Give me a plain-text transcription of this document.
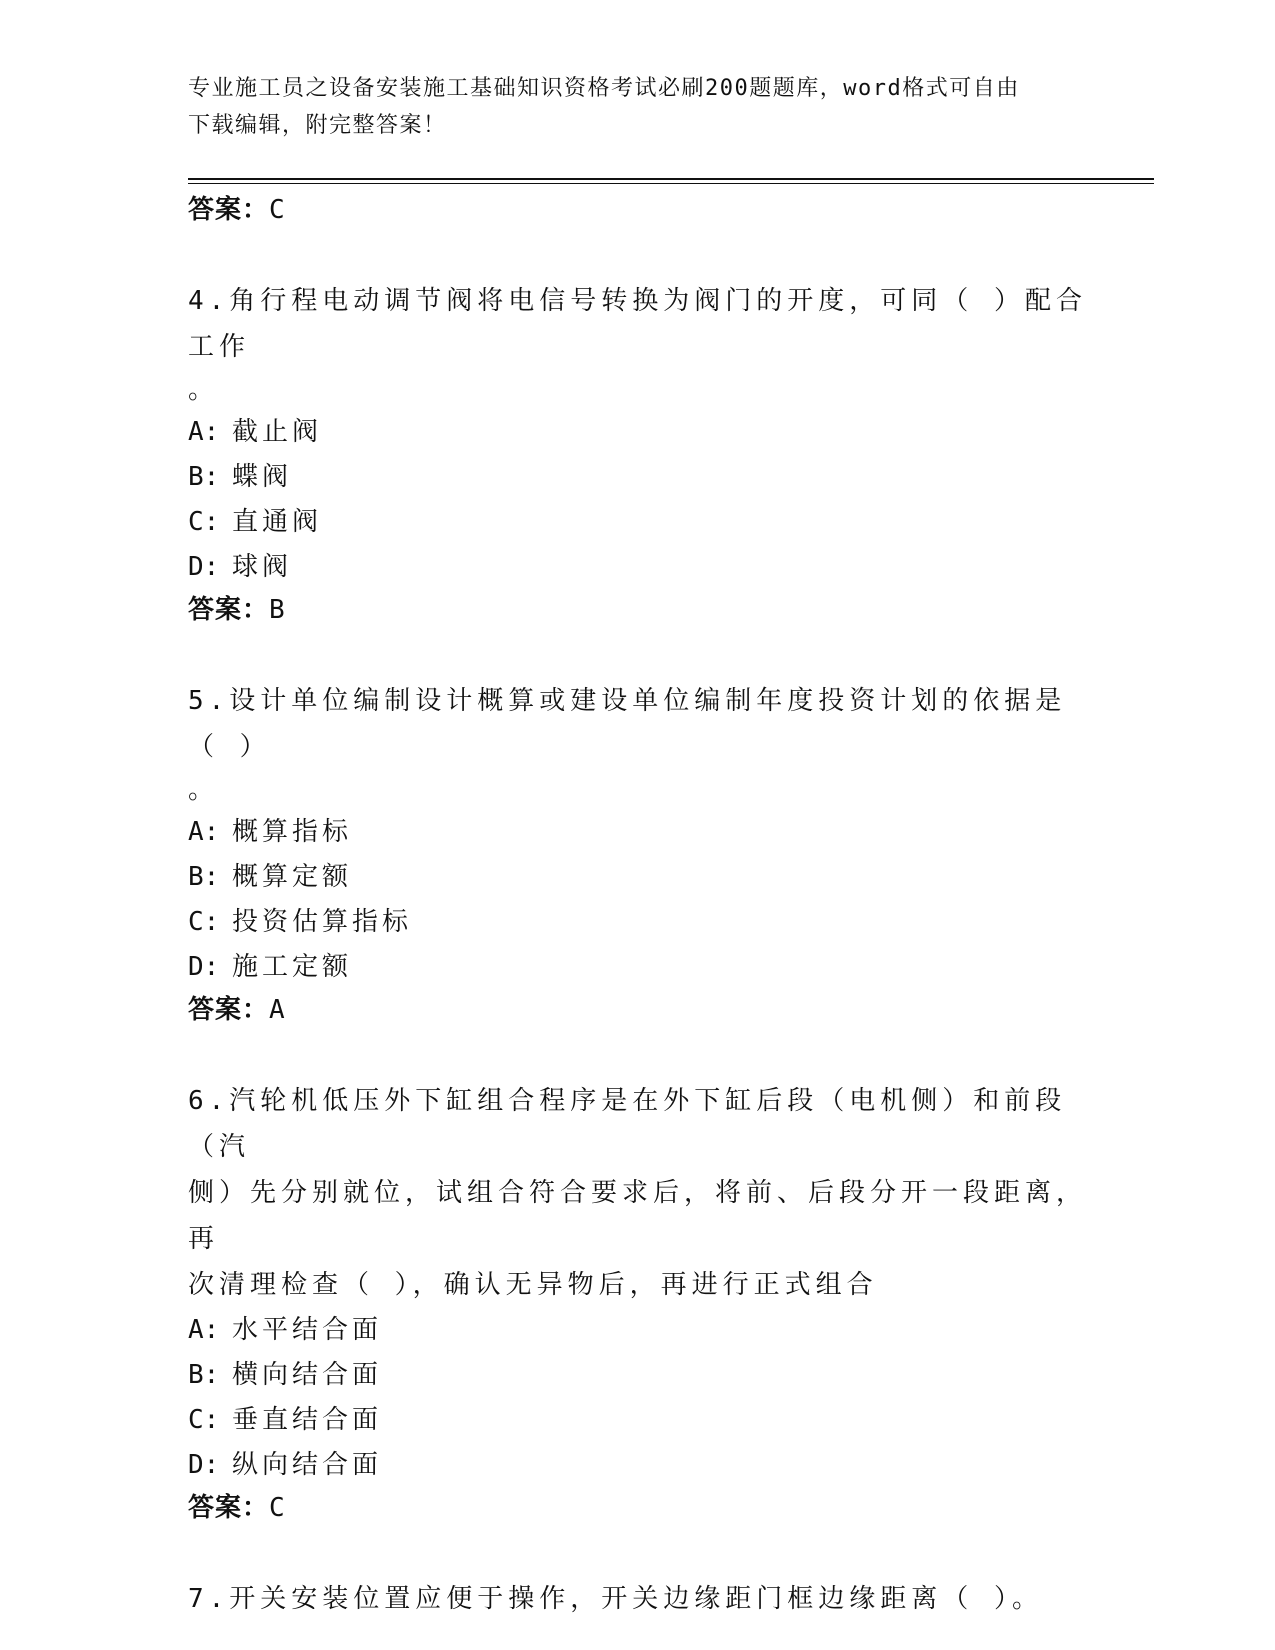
专业施工员之设备安装施工基础知识资格考试必刷200题题库，word格式可自由
下载编辑，附完整答案！
答案：C
4.角行程电动调节阀将电信号转换为阀门的开度，可同（ ）配合工作
。
A: 截止阀
B: 蝶阀
C: 直通阀
D: 球阀
答案：B
5.设计单位编制设计概算或建设单位编制年度投资计划的依据是（ ）
。
A: 概算指标
B: 概算定额
C: 投资估算指标
D: 施工定额
答案：A
6.汽轮机低压外下缸组合程序是在外下缸后段（电机侧）和前段（汽
侧）先分别就位，试组合符合要求后，将前、后段分开一段距离，再
次清理检查（ ），确认无异物后，再进行正式组合
A: 水平结合面
B: 横向结合面
C: 垂直结合面
D: 纵向结合面
答案：C
7.开关安装位置应便于操作，开关边缘距门框边缘距离（ ）。
